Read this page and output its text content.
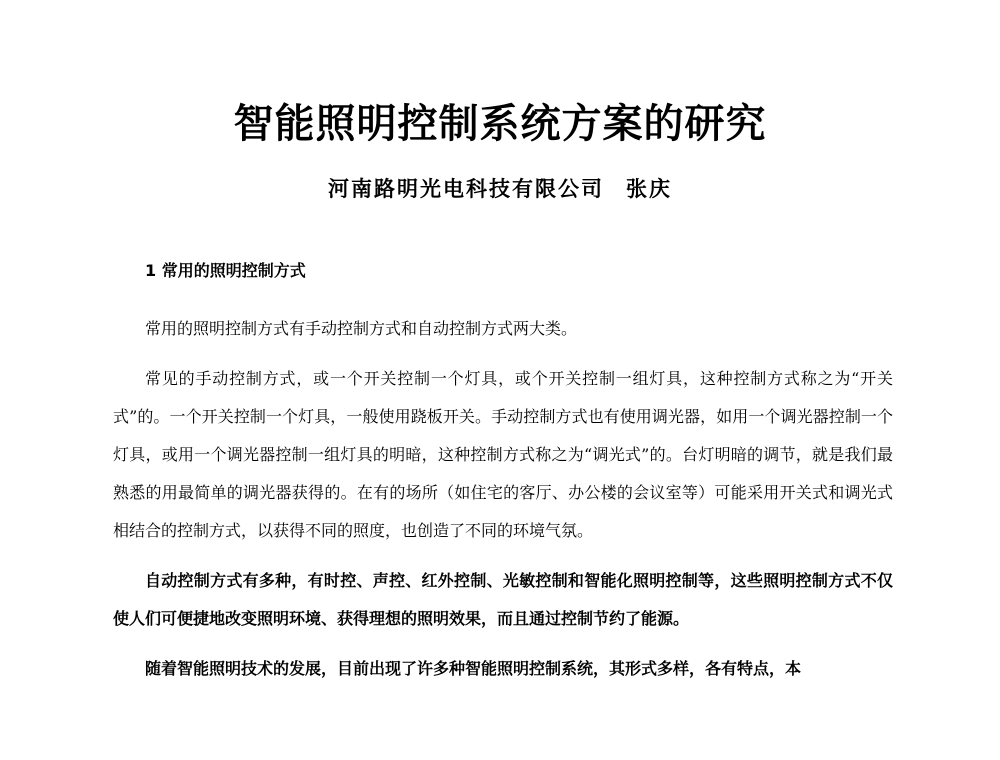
智能照明控制系统方案的研究
河南路明光电科技有限公司 张庆
1 常用的照明控制方式

常用的照明控制方式有手动控制方式和自动控制方式两大类。

常见的手动控制方式，或一个开关控制一个灯具，或个开关控制一组灯具，这种控制方式称之为“开关式”的。一个开关控制一个灯具，一般使用跷板开关。手动控制方式也有使用调光器，如用一个调光器控制一个灯具，或用一个调光器控制一组灯具的明暗，这种控制方式称之为“调光式”的。台灯明暗的调节，就是我们最熟悉的用最简单的调光器获得的。在有的场所（如住宅的客厅、办公楼的会议室等）可能采用开关式和调光式相结合的控制方式，以获得不同的照度，也创造了不同的环境气氛。

自动控制方式有多种，有时控、声控、红外控制、光敏控制和智能化照明控制等，这些照明控制方式不仅使人们可便捷地改变照明环境、获得理想的照明效果，而且通过控制节约了能源。

随着智能照明技术的发展，目前出现了许多种智能照明控制系统，其形式多样，各有特点，本
